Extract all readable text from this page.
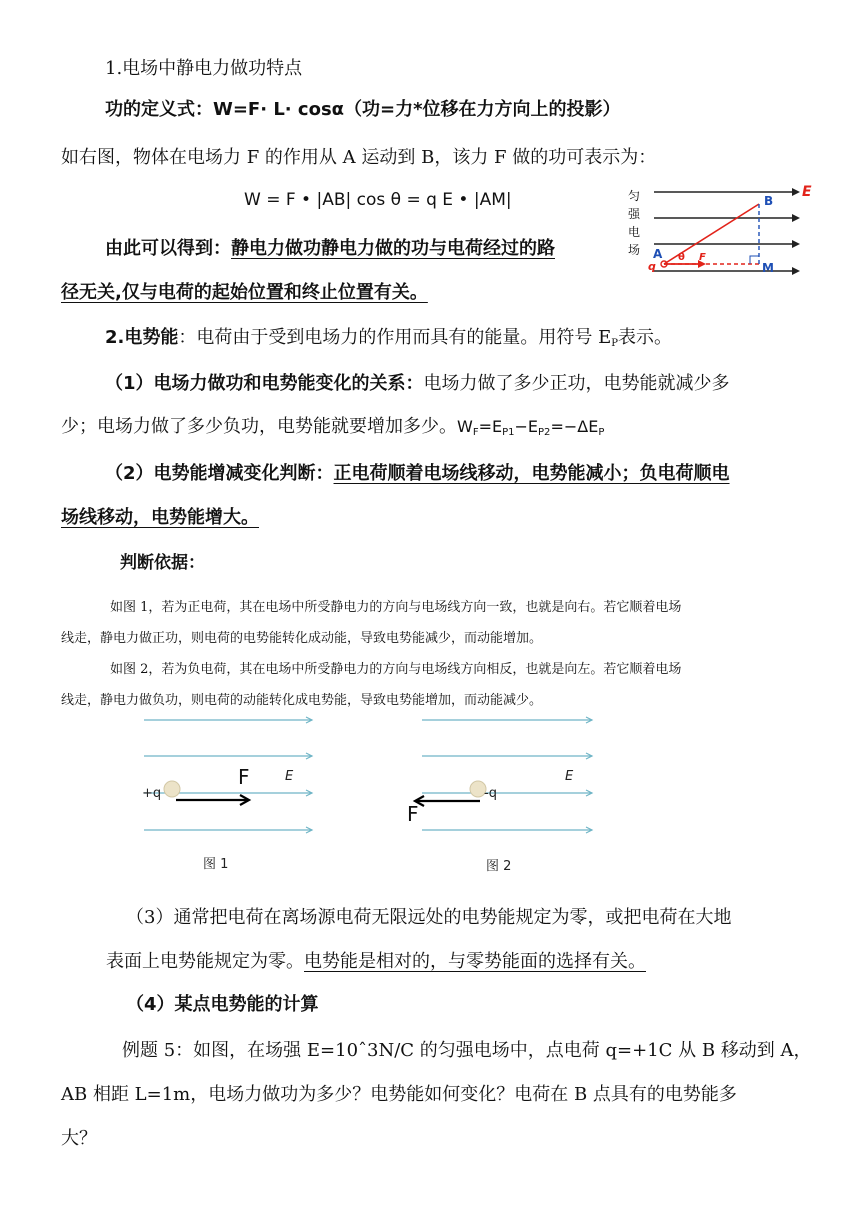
1.电场中静电力做功特点
功的定义式：W=F· L· cosα（功=力*位移在力方向上的投影）
如右图，物体在电场力 F 的作用从 A 运动到 B，该力 F 做的功可表示为：
W = F • |AB| cos θ = q E • |AM|
由此可以得到：静电力做功静电力做的功与电荷经过的路
径无关,仅与电荷的起始位置和终止位置有关。
匀
强
电
场
E
B
A
q
θ F
M
2.电势能：电荷由于受到电场力的作用而具有的能量。用符号 $E_P$表示。
（1）电场力做功和电势能变化的关系：电场力做了多少正功，电势能就减少多
少；电场力做了多少负功，电势能就要增加多少。$W_F=E_{P1}-E_{P2}=-\Delta E_P$
（2）电势能增减变化判断：正电荷顺着电场线移动，电势能减小；负电荷顺电
场线移动，电势能增大。
判断依据：
如图 1，若为正电荷，其在电场中所受静电力的方向与电场线方向一致，也就是向右。若它顺着电场
线走，静电力做正功，则电荷的电势能转化成动能，导致电势能减少，而动能增加。
如图 2，若为负电荷，其在电场中所受静电力的方向与电场线方向相反，也就是向左。若它顺着电场
线走，静电力做负功，则电荷的动能转化成电势能，导致电势能增加，而动能减少。
+q
F	E
图 1
-q
E
F
图 2
（3）通常把电荷在离场源电荷无限远处的电势能规定为零，或把电荷在大地
表面上电势能规定为零。电势能是相对的，与零势能面的选择有关。
（4）某点电势能的计算
例题 5：如图，在场强 E=10ˆ3N/C 的匀强电场中，点电荷 q=+1C 从 B 移动到 A，
AB 相距 L=1m，电场力做功为多少？电势能如何变化？电荷在 B 点具有的电势能多
大？
